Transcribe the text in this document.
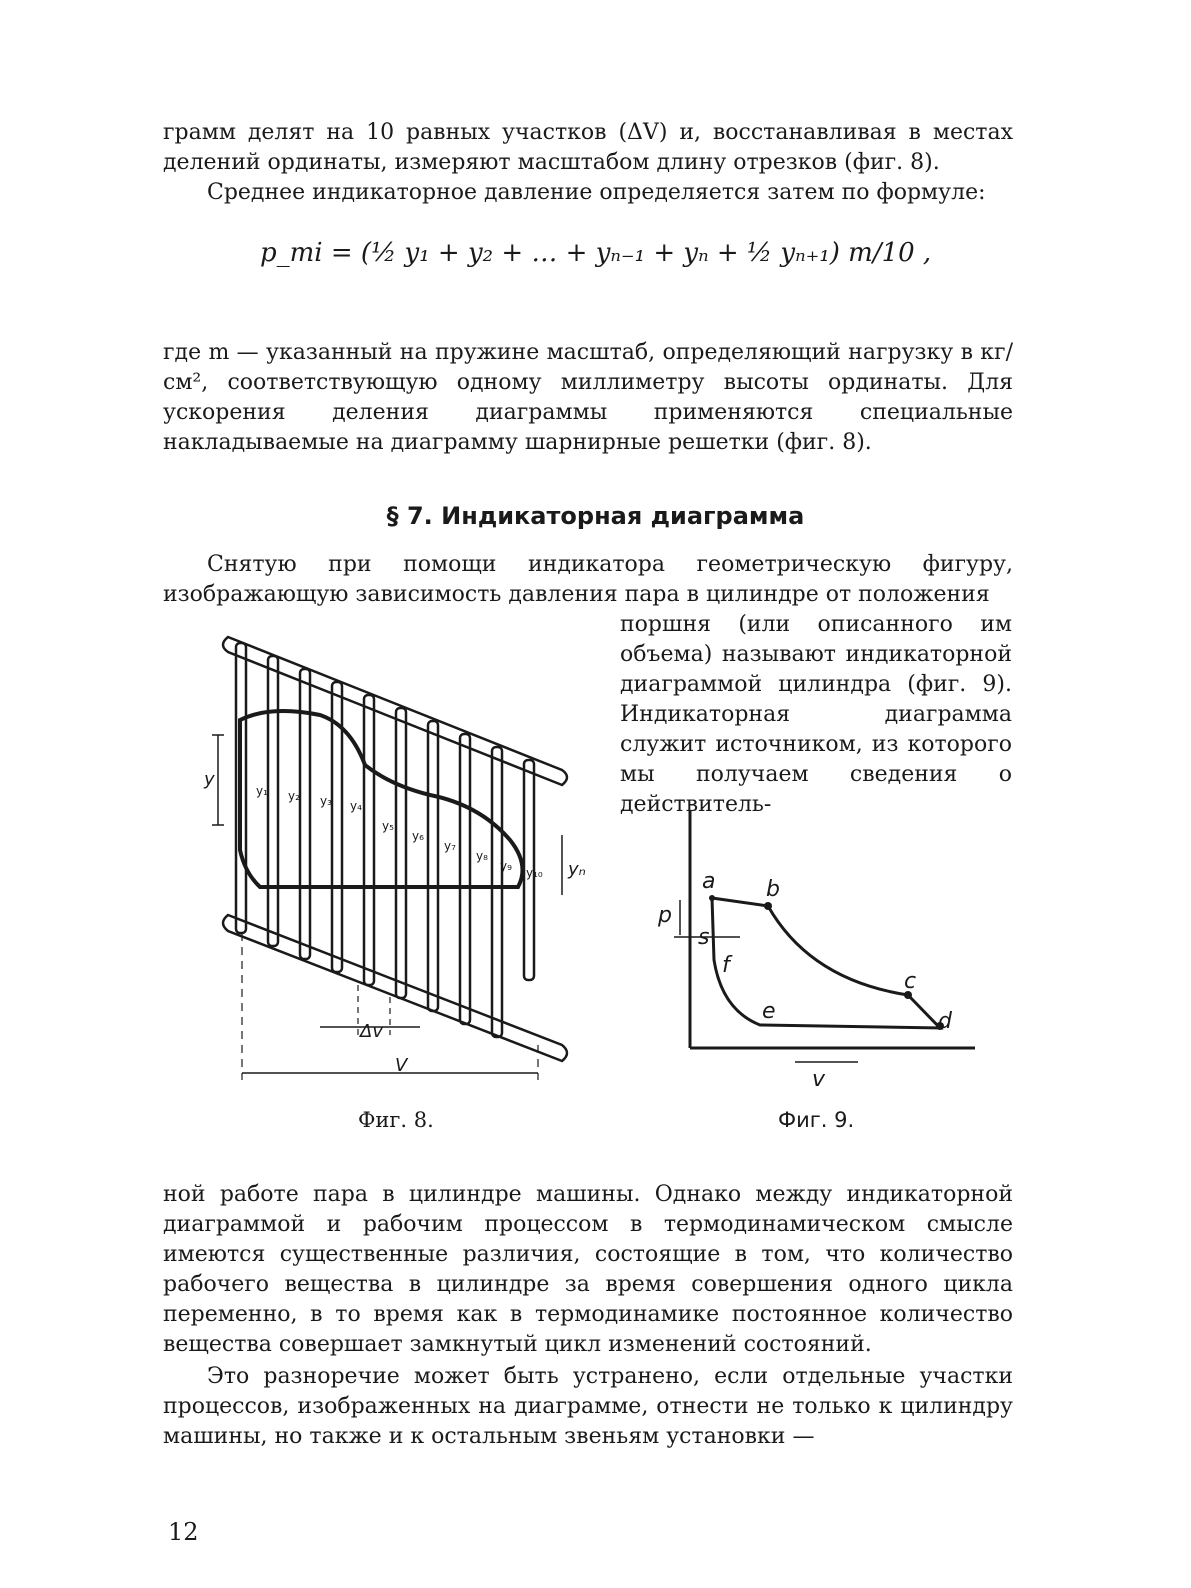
грамм делят на 10 равных участков (ΔV) и, восстанавливая в местах делений ординаты, измеряют масштабом длину отрезков (фиг. 8).

Среднее индикаторное давление определяется затем по формуле:

p_mi = (½ y₁ + y₂ + … + yₙ₋₁ + yₙ + ½ yₙ₊₁) m/10 ,

где m — указанный на пружине масштаб, определяющий нагрузку в кг/см², соответствующую одному миллиметру высоты ординаты. Для ускорения деления диаграммы применяются специальные накладываемые на диаграмму шарнирные решетки (фиг. 8).

§ 7. Индикаторная диаграмма

Снятую при помощи индикатора геометрическую фигуру, изображающую зависимость давления пара в цилиндре от положения

поршня (или описанного им объема) называют индикаторной диаграммой цилиндра (фиг. 9). Индикаторная диаграмма служит источником, из которого мы получаем сведения о действитель-

y
yₙ
Δv
V
y₁ y₂ y₃ y₄
y₅
y₆
y₇
y₈
y₉ y₁₀

Фиг. 8.

a b
c
d
e
f
s
p
v

Фиг. 9.

ной работе пара в цилиндре машины. Однако между индикаторной диаграммой и рабочим процессом в термодинамическом смысле имеются существенные различия, состоящие в том, что количество рабочего вещества в цилиндре за время совершения одного цикла переменно, в то время как в термодинамике постоянное количество вещества совершает замкнутый цикл изменений состояний.

Это разноречие может быть устранено, если отдельные участки процессов, изображенных на диаграмме, отнести не только к цилиндру машины, но также и к остальным звеньям установки —

12
